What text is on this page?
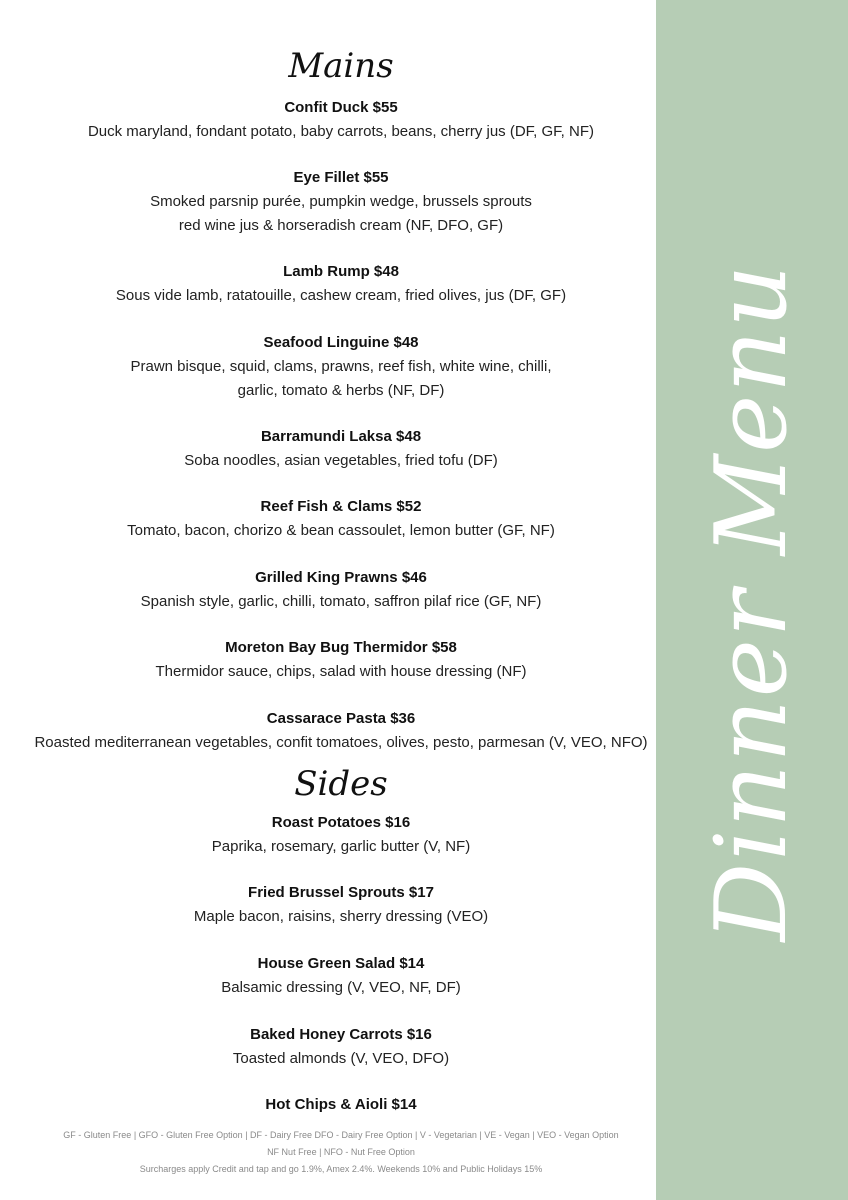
Mains
Confit Duck $55
Duck maryland, fondant potato, baby carrots, beans, cherry jus (DF, GF, NF)
Eye Fillet $55
Smoked parsnip purée, pumpkin wedge, brussels sprouts
red wine jus & horseradish cream (NF, DFO, GF)
Lamb Rump $48
Sous vide lamb, ratatouille, cashew cream, fried olives, jus (DF, GF)
Seafood Linguine $48
Prawn bisque, squid, clams, prawns, reef fish, white wine, chilli,
garlic, tomato & herbs (NF, DF)
Barramundi Laksa $48
Soba noodles, asian vegetables, fried tofu (DF)
Reef Fish & Clams $52
Tomato, bacon, chorizo & bean cassoulet, lemon butter (GF, NF)
Grilled King Prawns $46
Spanish style, garlic, chilli, tomato, saffron pilaf rice (GF, NF)
Moreton Bay Bug Thermidor $58
Thermidor sauce, chips, salad with house dressing (NF)
Cassarace Pasta $36
Roasted mediterranean vegetables, confit tomatoes, olives, pesto, parmesan (V, VEO, NFO)
Sides
Roast Potatoes $16
Paprika, rosemary, garlic butter (V, NF)
Fried Brussel Sprouts $17
Maple bacon, raisins, sherry dressing (VEO)
House Green Salad $14
Balsamic dressing (V, VEO, NF, DF)
Baked Honey Carrots $16
Toasted almonds (V, VEO, DFO)
Hot Chips & Aioli $14
GF - Gluten Free | GFO - Gluten Free Option | DF - Dairy Free DFO - Dairy Free Option | V - Vegetarian | VE - Vegan | VEO - Vegan Option
NF Nut Free | NFO - Nut Free Option
Surcharges apply Credit and tap and go 1.9%, Amex 2.4%. Weekends 10% and Public Holidays 15%
Dinner Menu
